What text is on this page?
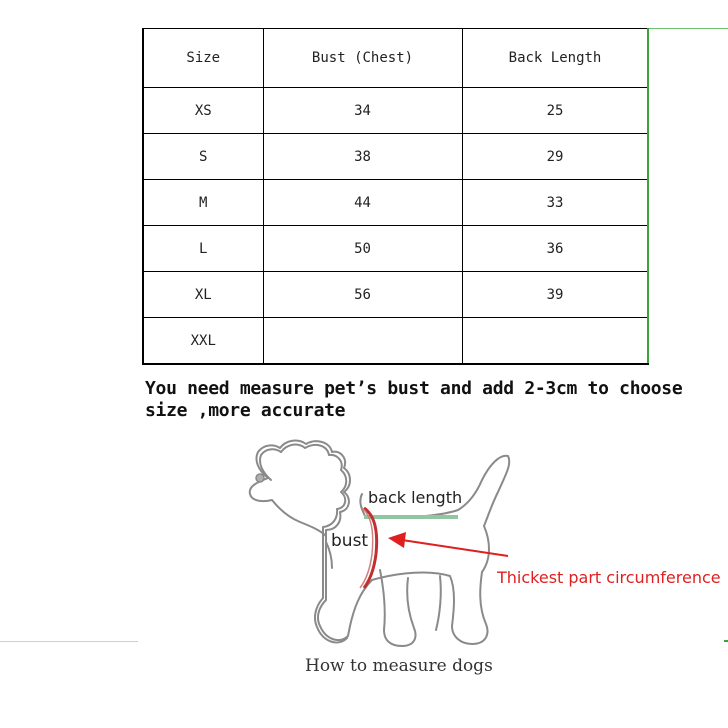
Size	Bust (Chest)	Back Length
XS	34	25
S	38	29
M	44	33
L	50	36
XL	56	39
XXL		
You need measure pet’s bust and add 2-3cm to choose
size ,more accurate
back length
bust
Thickest part circumference
How to measure dogs
